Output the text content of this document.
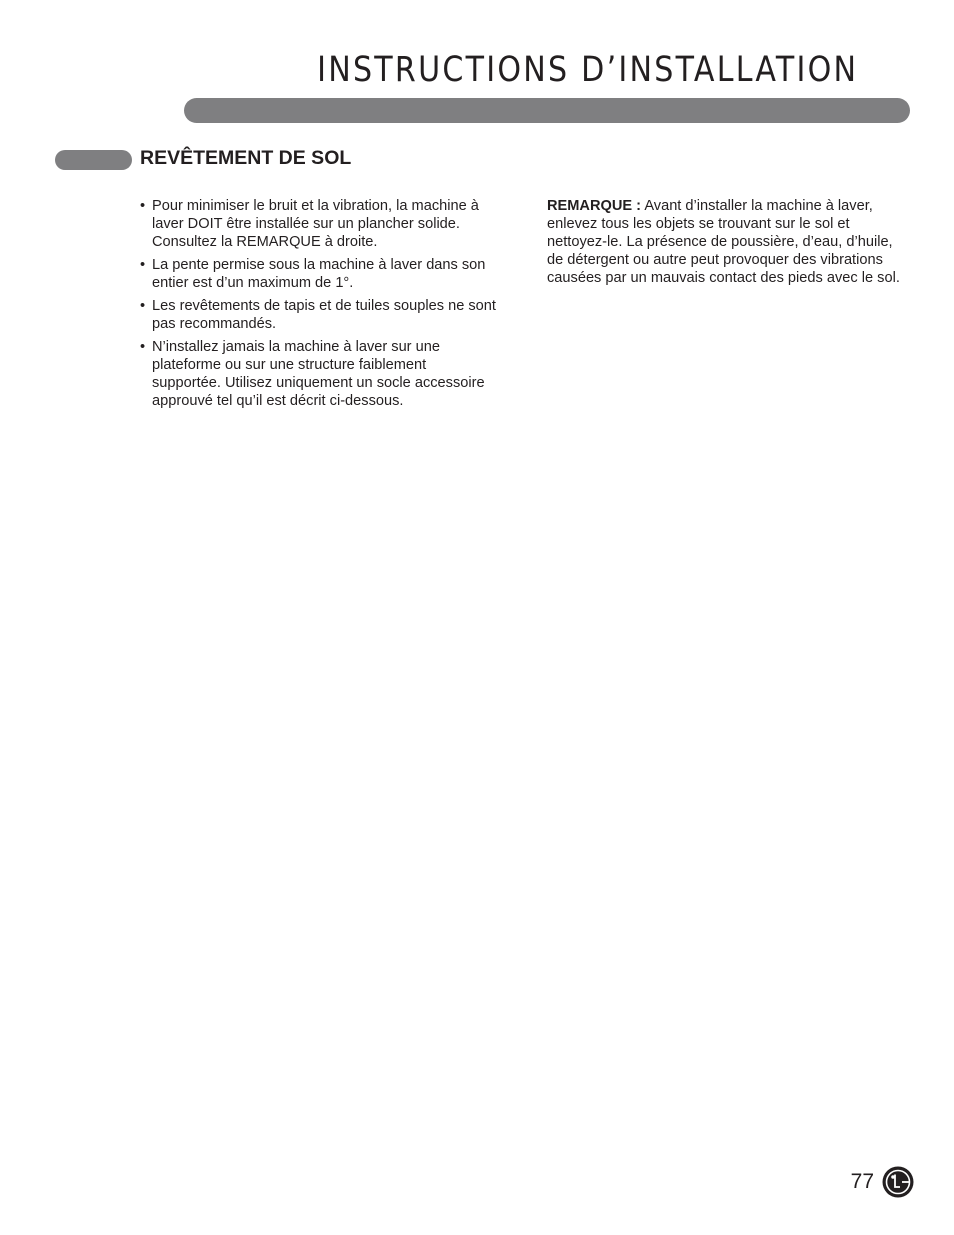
INSTRUCTIONS D’INSTALLATION
REVÊTEMENT DE SOL
• Pour minimiser le bruit et la vibration, la machine à laver DOIT être installée sur un plancher solide. Consultez la REMARQUE à droite.
• La pente permise sous la machine à laver dans son entier est d’un maximum de 1°.
• Les revêtements de tapis et de tuiles souples ne sont pas recommandés.
• N’installez jamais la machine à laver sur une plateforme ou sur une structure faiblement supportée. Utilisez uniquement un socle accessoire approuvé tel qu’il est décrit ci-dessous.

REMARQUE : Avant d’installer la machine à laver, enlevez tous les objets se trouvant sur le sol et nettoyez-le. La présence de poussière, d’eau, d’huile, de détergent ou autre peut provoquer des vibrations causées par un mauvais contact des pieds avec le sol.

77
